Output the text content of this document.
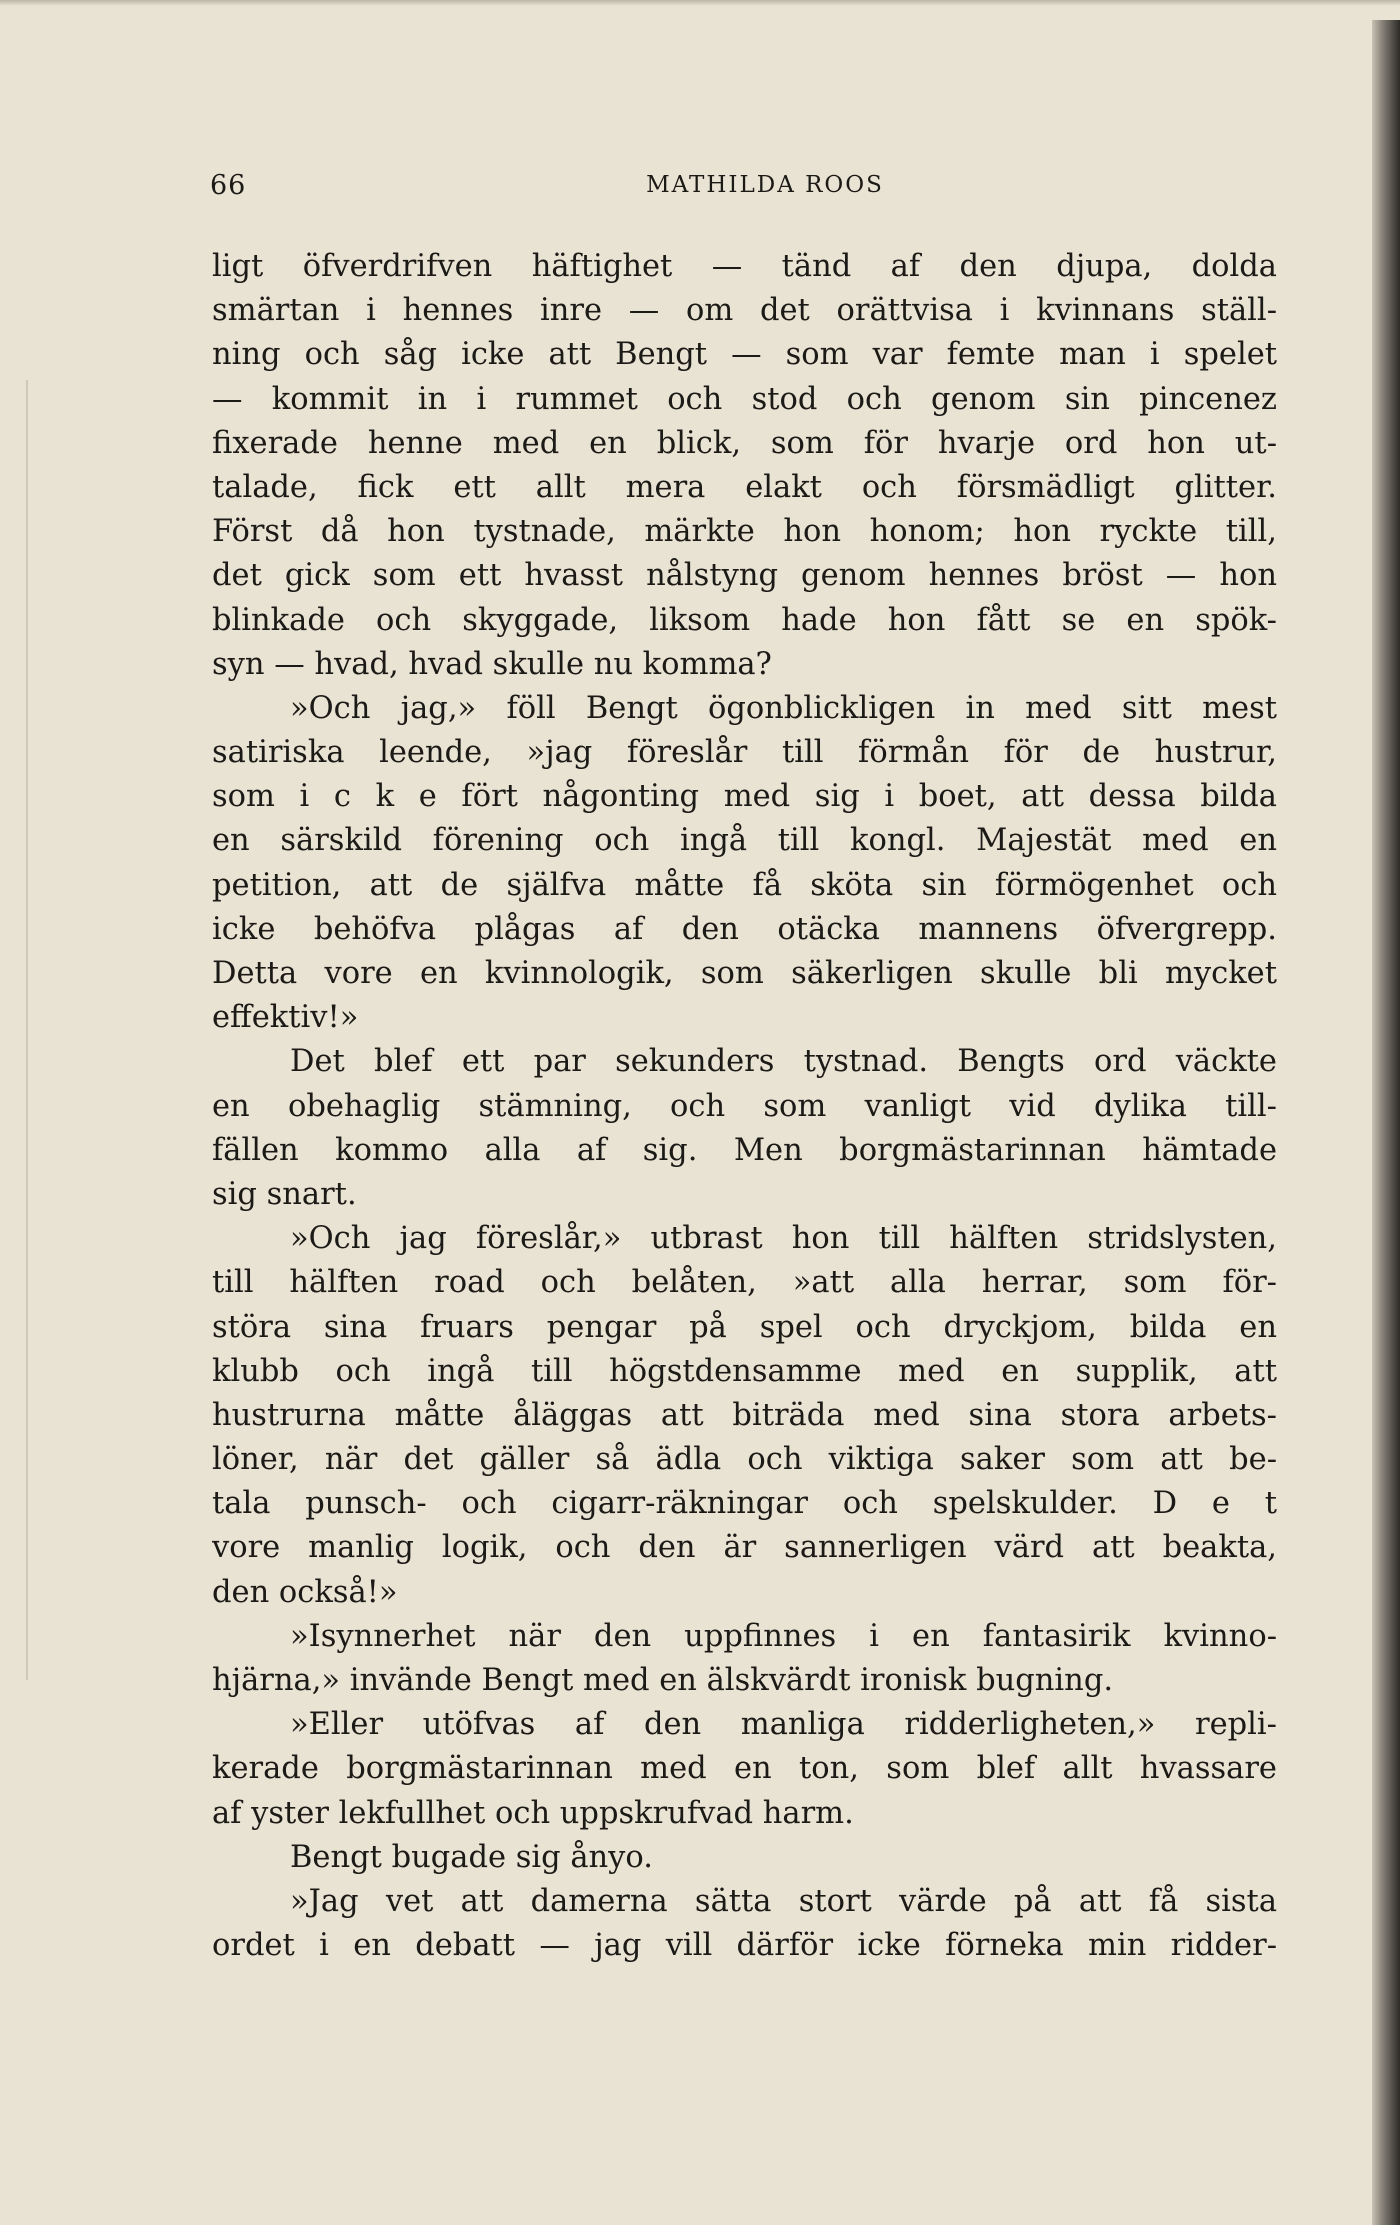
66	MATHILDA ROOS
ligt öfverdrifven häftighet — tänd af den djupa, dolda
smärtan i hennes inre — om det orättvisa i kvinnans ställ-
ning och såg icke att Bengt — som var femte man i spelet
— kommit in i rummet och stod och genom sin pincenez
fixerade henne med en blick, som för hvarje ord hon ut-
talade, fick ett allt mera elakt och försmädligt glitter.
Först då hon tystnade, märkte hon honom; hon ryckte till,
det gick som ett hvasst nålstyng genom hennes bröst — hon
blinkade och skyggade, liksom hade hon fått se en spök-
syn — hvad, hvad skulle nu komma?
»Och jag,» föll Bengt ögonblickligen in med sitt mest
satiriska leende, »jag föreslår till förmån för de hustrur,
som i c k e fört någonting med sig i boet, att dessa bilda
en särskild förening och ingå till kongl. Majestät med en
petition, att de själfva måtte få sköta sin förmögenhet och
icke behöfva plågas af den otäcka mannens öfvergrepp.
Detta vore en kvinnologik, som säkerligen skulle bli mycket
effektiv!»
Det blef ett par sekunders tystnad. Bengts ord väckte
en obehaglig stämning, och som vanligt vid dylika till-
fällen kommo alla af sig. Men borgmästarinnan hämtade
sig snart.
»Och jag föreslår,» utbrast hon till hälften stridslysten,
till hälften road och belåten, »att alla herrar, som för-
störa sina fruars pengar på spel och dryckjom, bilda en
klubb och ingå till högstdensamme med en supplik, att
hustrurna måtte åläggas att biträda med sina stora arbets-
löner, när det gäller så ädla och viktiga saker som att be-
tala punsch- och cigarr-räkningar och spelskulder. D e t
vore manlig logik, och den är sannerligen värd att beakta,
den också!»
»Isynnerhet när den uppfinnes i en fantasirik kvinno-
hjärna,» invände Bengt med en älskvärdt ironisk bugning.
»Eller utöfvas af den manliga ridderligheten,» repli-
kerade borgmästarinnan med en ton, som blef allt hvassare
af yster lekfullhet och uppskrufvad harm.
Bengt bugade sig ånyo.
»Jag vet att damerna sätta stort värde på att få sista
ordet i en debatt — jag vill därför icke förneka min ridder-
